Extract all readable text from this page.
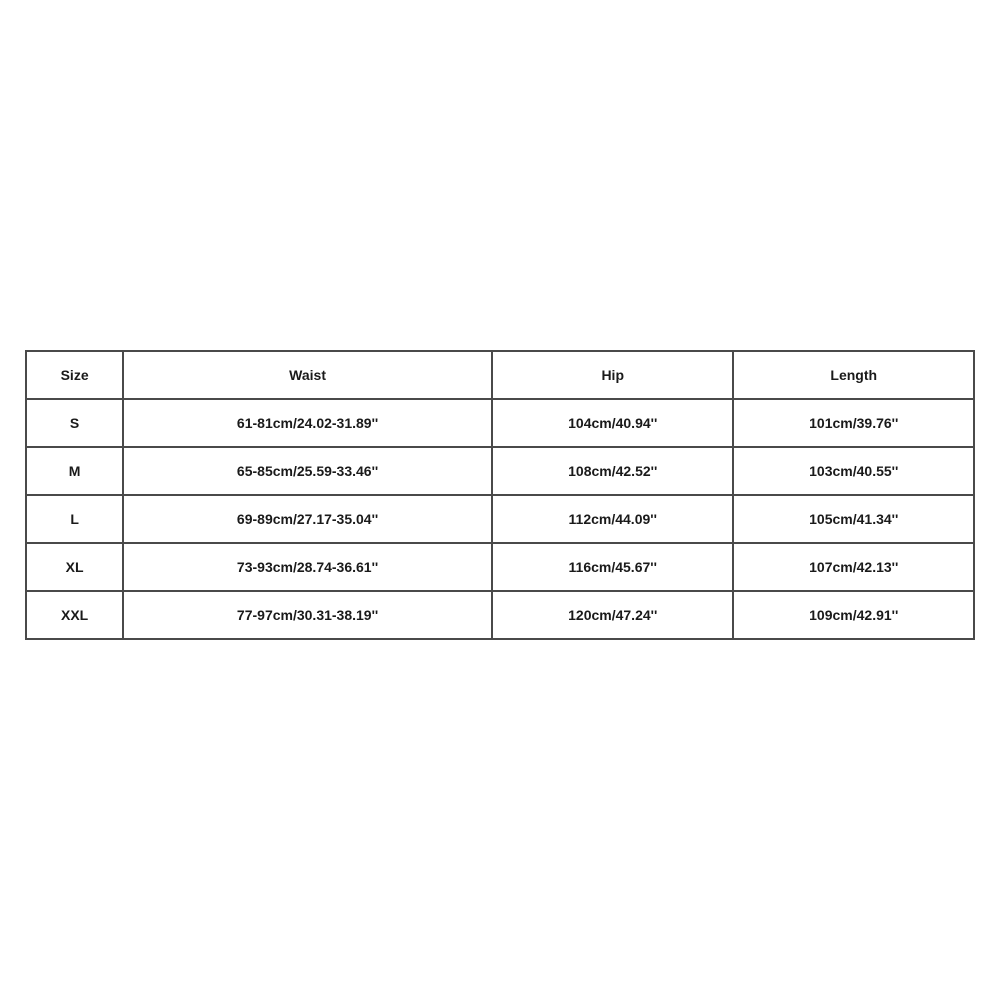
Size	Waist	Hip	Length
S	61-81cm/24.02-31.89''	104cm/40.94''	101cm/39.76''
M	65-85cm/25.59-33.46''	108cm/42.52''	103cm/40.55''
L	69-89cm/27.17-35.04''	112cm/44.09''	105cm/41.34''
XL	73-93cm/28.74-36.61''	116cm/45.67''	107cm/42.13''
XXL	77-97cm/30.31-38.19''	120cm/47.24''	109cm/42.91''
